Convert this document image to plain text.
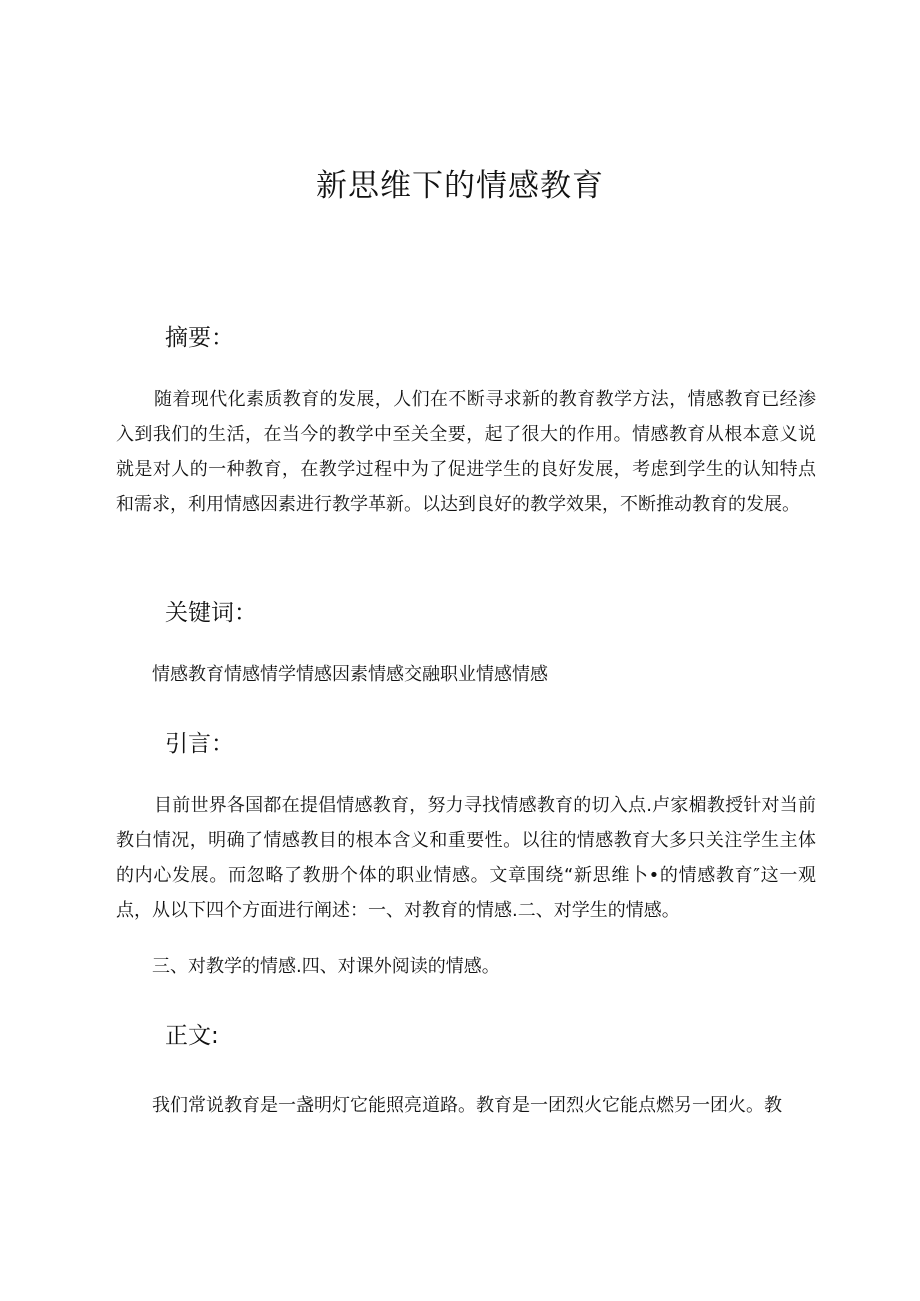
新思维下的情感教育
摘要：

随着现代化素质教育的发展，人们在不断寻求新的教育教学方法，情感教育已经渗入到我们的生活，在当今的教学中至关全要，起了很大的作用。情感教育从根本意义说就是对人的一种教育，在教学过程中为了促进学生的良好发展，考虑到学生的认知特点和需求，利用情感因素进行教学革新。以达到良好的教学效果，不断推动教育的发展。

关键词：
情感教育情感情学情感因素情感交融职业情感情感
引言：

目前世界各国都在提倡情感教育，努力寻找情感教育的切入点.卢家楣教授针对当前教白情况，明确了情感教目的根本含义和重要性。以往的情感教育大多只关注学生主体的内心发展。而忽略了教册个体的职业情感。文章围绕“新思维卜•的情感教育″这一观点，从以下四个方面进行阐述：一、对教育的情感.二、对学生的情感。

三、对教学的情感.四、对课外阅读的情感。
正文:
我们常说教育是一盏明灯它能照亮道路。教育是一团烈火它能点燃另一团火。教
